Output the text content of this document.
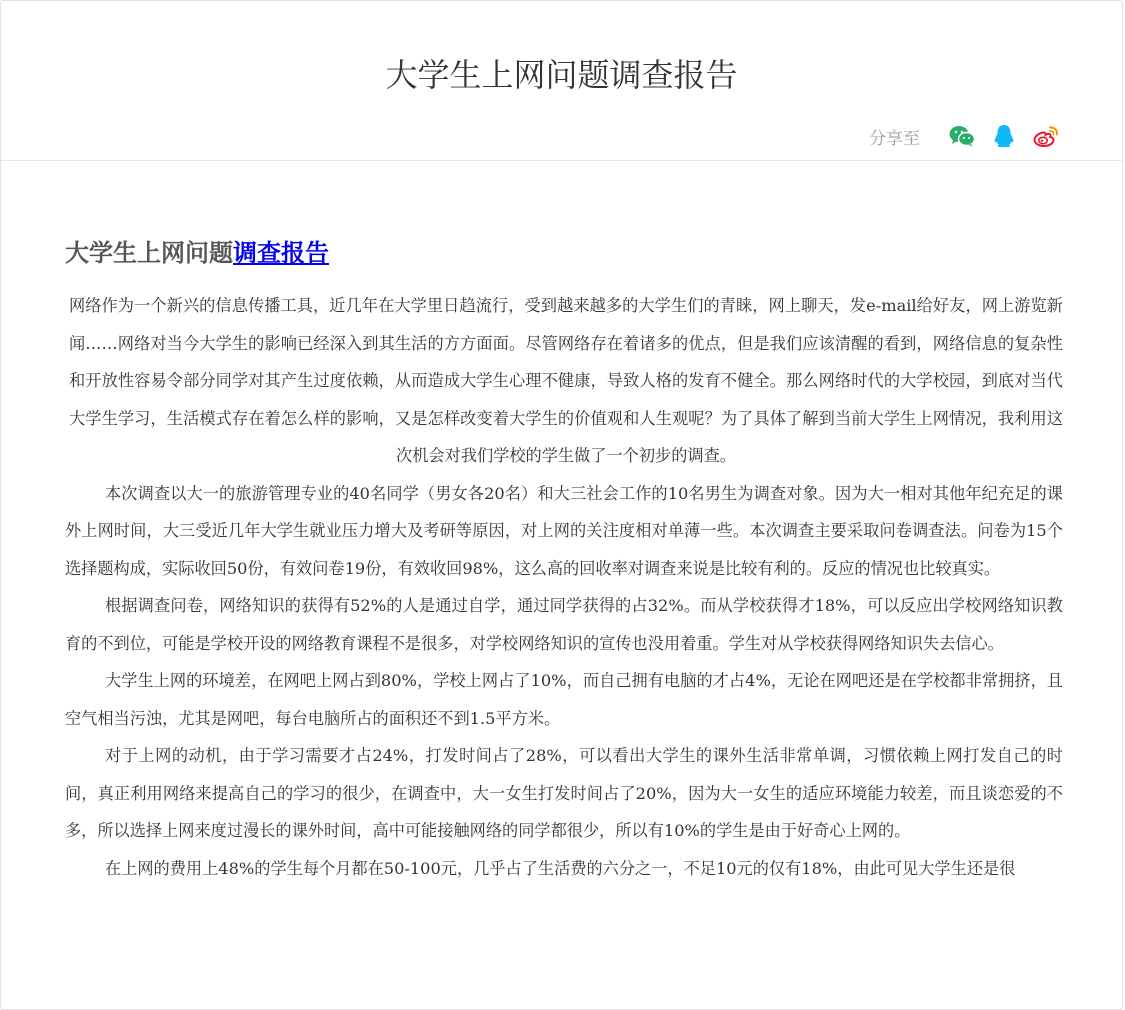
大学生上网问题调查报告
分享至
大学生上网问题调查报告

网络作为一个新兴的信息传播工具，近几年在大学里日趋流行，受到越来越多的大学生们的青睐，网上聊天，发e-mail给好友，网上游览新闻……网络对当今大学生的影响已经深入到其生活的方方面面。尽管网络存在着诸多的优点，但是我们应该清醒的看到，网络信息的复杂性和开放性容易令部分同学对其产生过度依赖，从而造成大学生心理不健康，导致人格的发育不健全。那么网络时代的大学校园，到底对当代大学生学习，生活模式存在着怎么样的影响，又是怎样改变着大学生的价值观和人生观呢？为了具体了解到当前大学生上网情况，我利用这次机会对我们学校的学生做了一个初步的调查。

本次调查以大一的旅游管理专业的40名同学（男女各20名）和大三社会工作的10名男生为调查对象。因为大一相对其他年纪充足的课外上网时间，大三受近几年大学生就业压力增大及考研等原因，对上网的关注度相对单薄一些。本次调查主要采取问卷调查法。问卷为15个选择题构成，实际收回50份，有效问卷19份，有效收回98%，这么高的回收率对调查来说是比较有利的。反应的情况也比较真实。

根据调查问卷，网络知识的获得有52%的人是通过自学，通过同学获得的占32%。而从学校获得才18%，可以反应出学校网络知识教育的不到位，可能是学校开设的网络教育课程不是很多，对学校网络知识的宣传也没用着重。学生对从学校获得网络知识失去信心。

大学生上网的环境差，在网吧上网占到80%，学校上网占了10%，而自己拥有电脑的才占4%，无论在网吧还是在学校都非常拥挤，且空气相当污浊，尤其是网吧，每台电脑所占的面积还不到1.5平方米。

对于上网的动机，由于学习需要才占24%，打发时间占了28%，可以看出大学生的课外生活非常单调，习惯依赖上网打发自己的时间，真正利用网络来提高自己的学习的很少，在调查中，大一女生打发时间占了20%，因为大一女生的适应环境能力较差，而且谈恋爱的不多，所以选择上网来度过漫长的课外时间，高中可能接触网络的同学都很少，所以有10%的学生是由于好奇心上网的。

在上网的费用上48%的学生每个月都在50-100元，几乎占了生活费的六分之一，不足10元的仅有18%，由此可见大学生还是很
